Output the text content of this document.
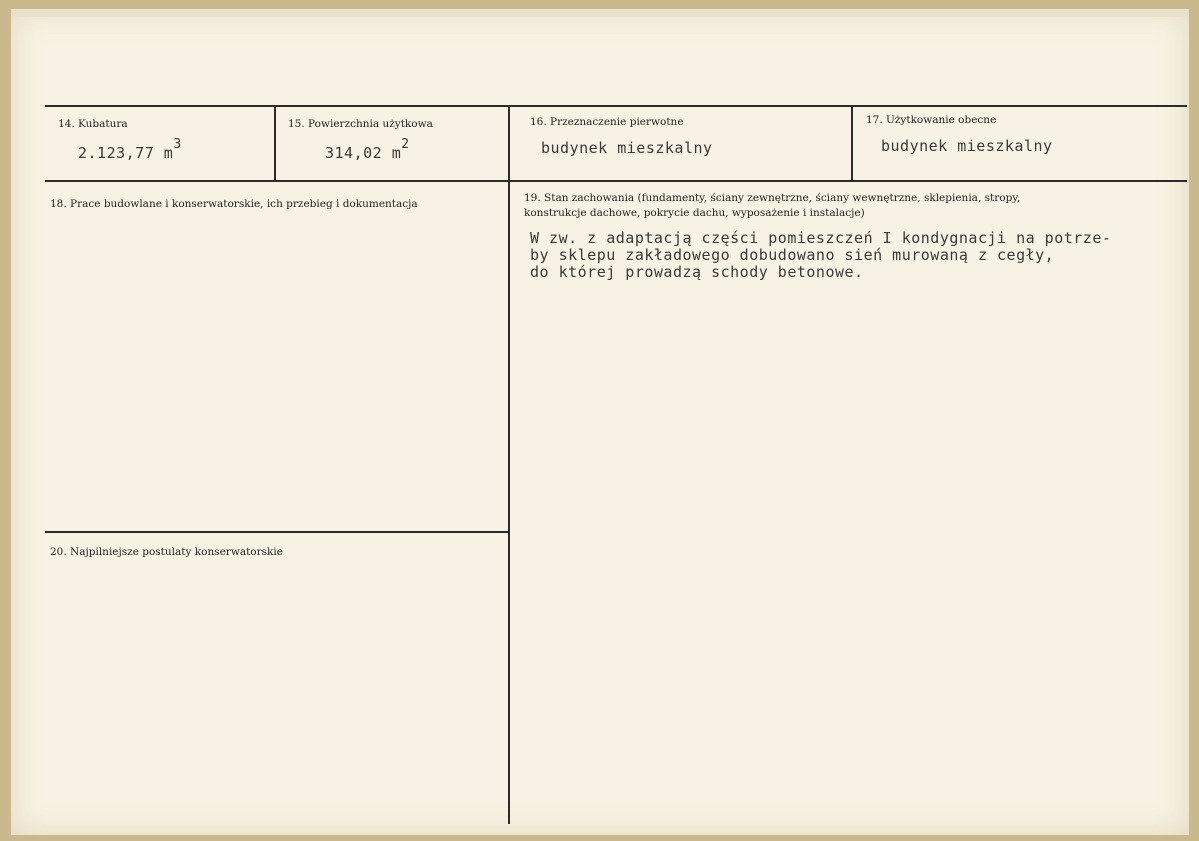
14. Kubatura
2.123,77 $m^3$
15. Powierzchnia użytkowa
314,02 $m^2$
16. Przeznaczenie pierwotne
budynek mieszkalny
17. Użytkowanie obecne
budynek mieszkalny
18. Prace budowlane i konserwatorskie, ich przebieg i dokumentacja	19. Stan zachowania (fundamenty, ściany zewnętrzne, ściany wewnętrzne, sklepienia, stropy,
konstrukcje dachowe, pokrycie dachu, wyposażenie i instalacje)
W zw. z adaptacją części pomieszczeń I kondygnacji na potrze-
by sklepu zakładowego dobudowano sień murowaną z cegły,
do której prowadzą schody betonowe.
20. Najpilniejsze postulaty konserwatorskie
